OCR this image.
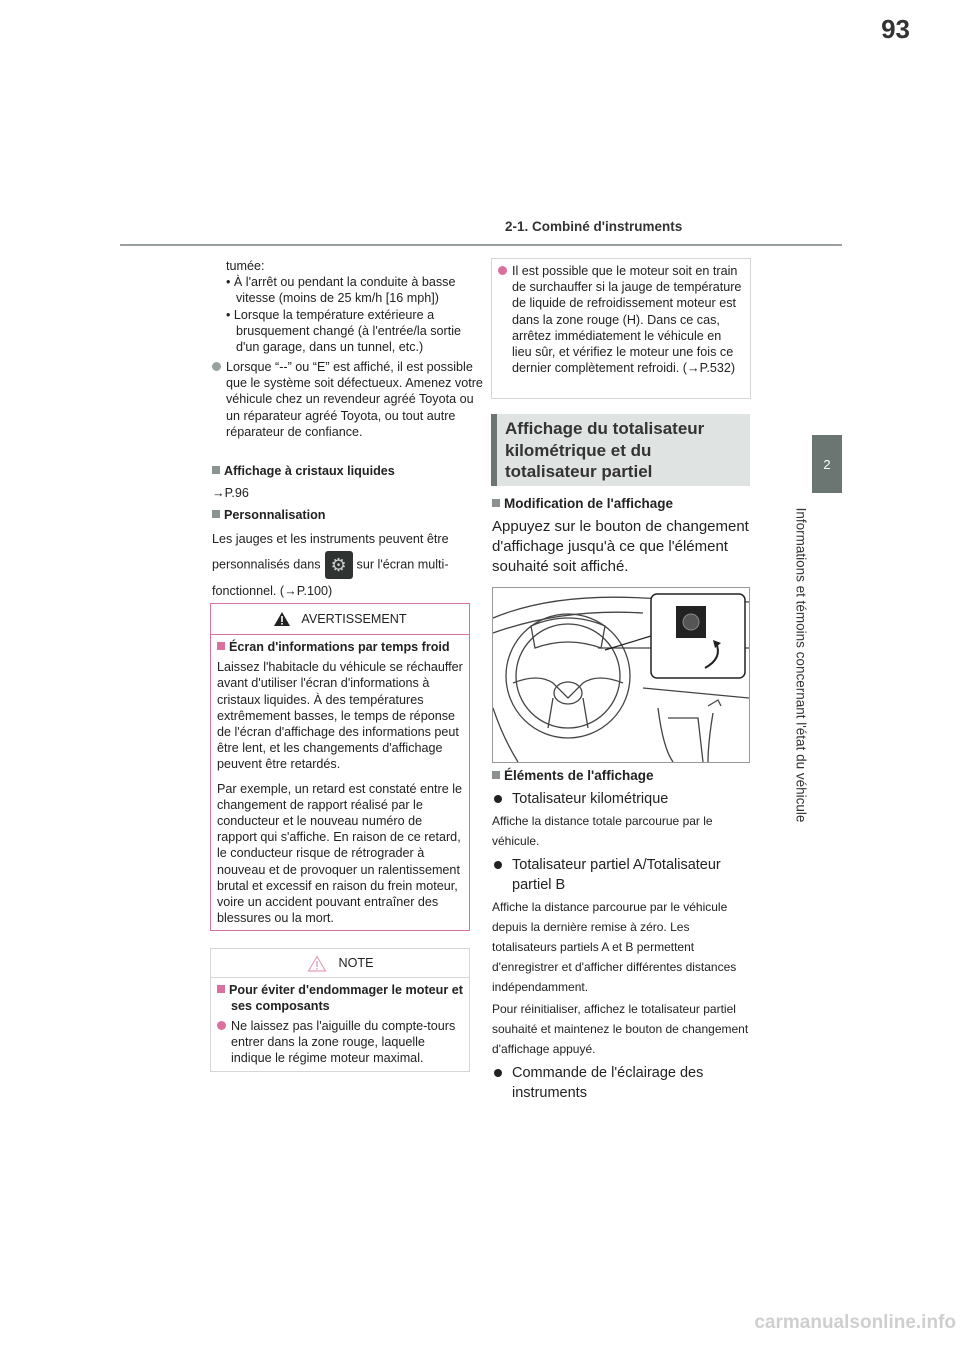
93
2-1. Combiné d'instruments
2
Informations et témoins concernant l'état du véhicule

tumée:

• À l'arrêt ou pendant la conduite à basse vitesse (moins de 25 km/h [16 mph])

• Lorsque la température extérieure a brusquement changé (à l'entrée/la sortie d'un garage, dans un tunnel, etc.)

Lorsque “--” ou “E” est affiché, il est possible que le système soit défectueux. Amenez votre véhicule chez un revendeur agréé Toyota ou un réparateur agréé Toyota, ou tout autre réparateur de confiance.

Affichage à cristaux liquides

→P.96

Personnalisation

Les jauges et les instruments peuvent être personnalisés dans ⚙ sur l'écran multi-fonctionnel. (→P.100)

AVERTISSEMENT

Écran d'informations par temps froid

Laissez l'habitacle du véhicule se réchauffer avant d'utiliser l'écran d'informations à cristaux liquides. À des températures extrêmement basses, le temps de réponse de l'écran d'affichage des informations peut être lent, et les changements d'affichage peuvent être retardés.

Par exemple, un retard est constaté entre le changement de rapport réalisé par le conducteur et le nouveau numéro de rapport qui s'affiche. En raison de ce retard, le conducteur risque de rétrograder à nouveau et de provoquer un ralentissement brutal et excessif en raison du frein moteur, voire un accident pouvant entraîner des blessures ou la mort.

NOTE

Pour éviter d'endommager le moteur et ses composants

Ne laissez pas l'aiguille du compte-tours entrer dans la zone rouge, laquelle indique le régime moteur maximal.

Il est possible que le moteur soit en train de surchauffer si la jauge de température de liquide de refroidissement moteur est dans la zone rouge (H). Dans ce cas, arrêtez immédiatement le véhicule en lieu sûr, et vérifiez le moteur une fois ce dernier complètement refroidi. (→P.532)
Affichage du totalisateur kilométrique et du totalisateur partiel

Modification de l'affichage

Appuyez sur le bouton de changement d'affichage jusqu'à ce que l'élément souhaité soit affiché.

Éléments de l'affichage

Totalisateur kilométrique

Affiche la distance totale parcourue par le véhicule.

Totalisateur partiel A/Totalisateur partiel B

Affiche la distance parcourue par le véhicule depuis la dernière remise à zéro. Les totalisateurs partiels A et B permettent d'enregistrer et d'afficher différentes distances indépendamment.

Pour réinitialiser, affichez le totalisateur partiel souhaité et maintenez le bouton de changement d'affichage appuyé.

Commande de l'éclairage des instruments
carmanualsonline.info
